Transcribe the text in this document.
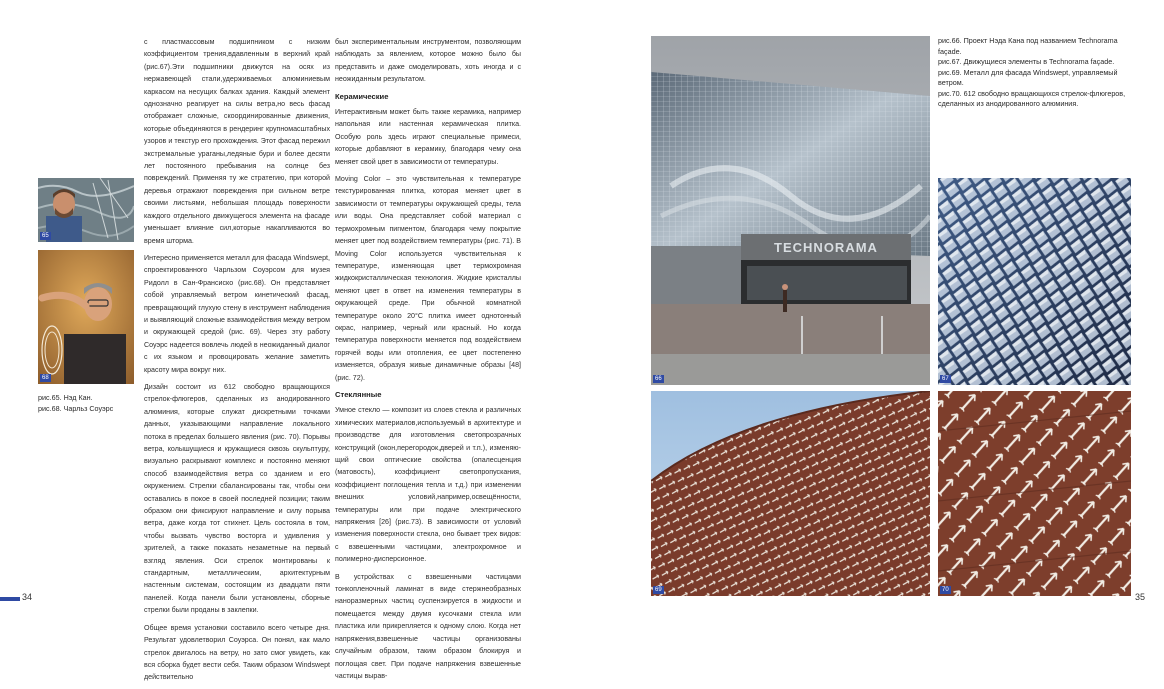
65
68
рис.65. Нэд Кан.
рис.68. Чарльз Соуэрс

с пластмассовым подшипником с низким коэффициентом трения,вдавленным в верхний край (рис.67).Эти подшипники движутся на осях из нержавеющей стали,удерживаемых алюминиевым каркасом на несущих балках здания. Каждый элемент однозначно реагирует на силы ветра,но весь фасад отображает сложные, скоординированные движения, которые объединяются в рендеринг крупномасштабных узоров и текстур его прохождения. Этот фасад пережил экстремальные ураганы,ледяные бури и более десяти лет постоянного пребывания на солнце без повреждений. Применяя ту же стратегию, при которой деревья отражают повреждения при сильном ветре своими листьями, небольшая площадь поверхности каждого отдельного движущегося элемента на фасаде уменьшает влияние сил,которые накапливаются во время шторма.

Интересно применяется металл для фасада Windswept, спроектированного Чарльзом Соуэрсом для музея Ридолл в Сан-Франсиско (рис.68). Он представляет собой управляемый ветром кинетический фасад, превращающий глухую стену в инструмент наблюдения и выявляющий сложные взаимодействия между ветром и окружающей средой (рис. 69). Через эту работу Соуэрс надеется вовлечь людей в неожиданный диалог с их языком и провоцировать желание заметить красоту мира вокруг них.

Дизайн состоит из 612 свободно вращающихся стрелок-флюгеров, сделанных из анодированного алюминия, которые служат дискретными точками данных, указывающими направление локального потока в пределах большего явления (рис. 70). Порывы ветра, колышущиеся и кружащиеся сквозь скульптуру, визуально раскрывают комплекс и постоянно меняют способ взаимодействия ветра со зданием и его окружением. Стрелки сбалансированы так, чтобы они оставались в покое в своей последней позиции; таким образом они фиксируют направление и силу порыва ветра, даже когда тот стихнет. Цель состояла в том, чтобы вызвать чувство восторга и удивления у зрителей, а также показать незаметные на первый взгляд явления. Оси стрелок монтированы к стандартным, металлическим, архитектурным настенным системам, состоящим из двадцати пяти панелей. Когда панели были установлены, сборные стрелки были проданы в заклепки.

Общее время установки составило всего четыре дня. Результат удовлетворил Соуэрса. Он понял, как мало стрелок двигалось на ветру, но зато смог увидеть, как вся сборка будет вести себя. Таким образом Windswept действительно

был экспериментальным инструментом, позволяющим наблюдать за явлением, которое можно было бы представить и даже смоделировать, хоть иногда и с неожиданным результатом.

Керамические

Интерактивным может быть также керамика, например напольная или настенная керамическая плитка. Особую роль здесь играют специальные примеси, которые добавляют в керамику, благодаря чему она меняет свой цвет в зависимости от температуры.

Moving Color – это чувствительная к температуре текстурированная плитка, которая меняет цвет в зависимости от температуры окружающей среды, тела или воды. Она представляет собой материал с термохромным пигментом, благодаря чему покрытие меняет цвет под воздействием температуры (рис. 71). В Moving Color используется чувствительная к температуре, изменяющая цвет термохромная жидкокристаллическая технология. Жидкие кристаллы меняют цвет в ответ на изменения температуры в окружающей среде. При обычной комнатной температуре около 20°С плитка имеет однотонный окрас, например, черный или красный. Но когда температура поверхности меняется под воздействием горячей воды или отопления, ее цвет постепенно изменяется, образуя живые динамичные образы [48] (рис. 72).

Стеклянные

Умное стекло — композит из слоев стекла и различных химических материалов,используемый в архитектуре и производстве для изготовления светопрозрачных конструкций (окон,перегородок,дверей и т.п.), изменяю-щий свои оптические свойства (опалесценция (матовость), коэффициент светопропускания, коэффициент поглощения тепла и т.д.) при изменении внешних условий,например,освещённости, температуры или при подаче электрического напряжения [26] (рис.73). В зависимости от условий изменения поверхности стекла, оно бывает трех видов: с взвешенными частицами, электрохромное и полимерно-дисперсионное.

В устройствах с взвешенными частицами тонкопленочный ламинат в виде стержнеобразных наноразмерных частиц суспензируется в жидкости и помещается между двумя кусочками стекла или пластика или прикрепляется к одному слою. Когда нет напряжения,взвешенные частицы организованы случайным образом, таким образом блокируя и поглощая свет. При подаче напряжения взвешенные частицы вырав-

34
TECHNORAMA
66	67
69	70
рис.66. Проект Нэда Кана под названием Technorama façade.
рис.67. Движущиеся элементы в Technorama façade.
рис.69. Металл для фасада Windswept, управляемый ветром.
рис.70. 612 свободно вращающихся стрелок-флюгеров, сделанных из анодированного алюминия.
35
